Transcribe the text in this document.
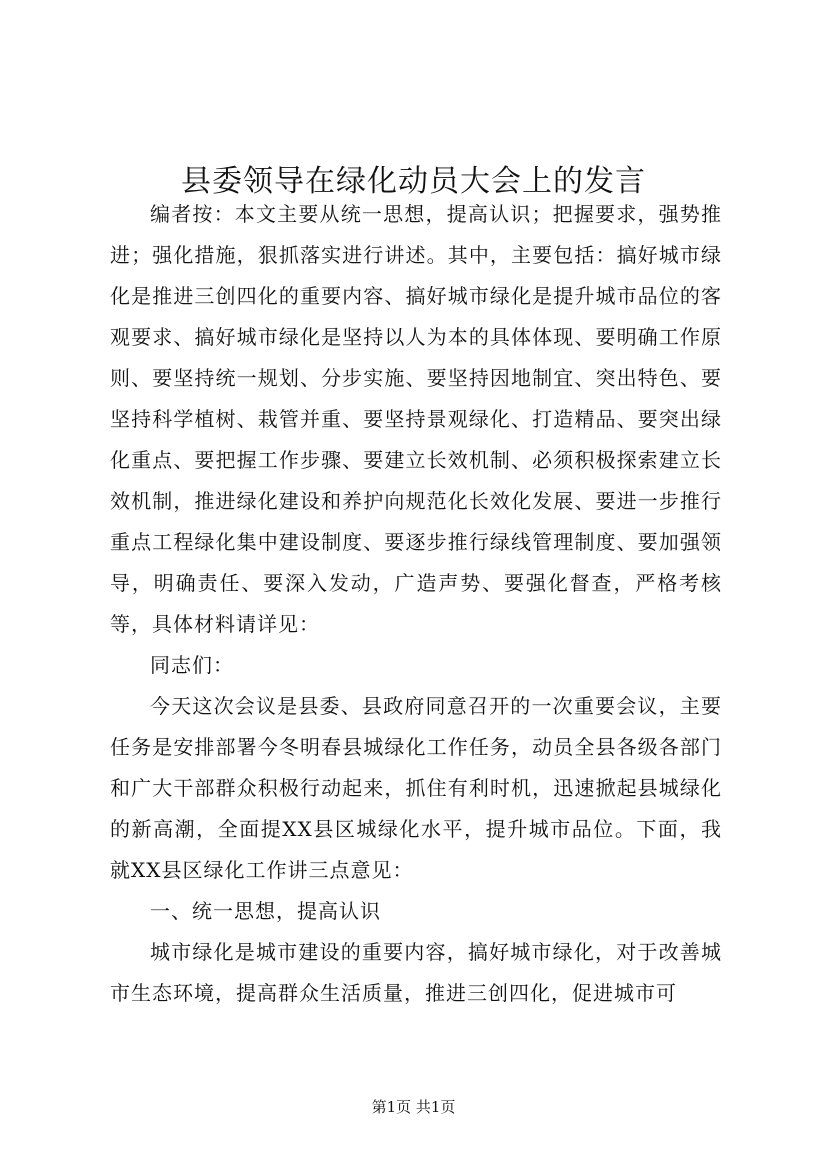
县委领导在绿化动员大会上的发言

编者按：本文主要从统一思想，提高认识；把握要求，强势推进；强化措施，狠抓落实进行讲述。其中，主要包括：搞好城市绿化是推进三创四化的重要内容、搞好城市绿化是提升城市品位的客观要求、搞好城市绿化是坚持以人为本的具体体现、要明确工作原则、要坚持统一规划、分步实施、要坚持因地制宜、突出特色、要坚持科学植树、栽管并重、要坚持景观绿化、打造精品、要突出绿化重点、要把握工作步骤、要建立长效机制、必须积极探索建立长效机制，推进绿化建设和养护向规范化长效化发展、要进一步推行重点工程绿化集中建设制度、要逐步推行绿线管理制度、要加强领导，明确责任、要深入发动，广造声势、要强化督查，严格考核等，具体材料请详见：

同志们：

今天这次会议是县委、县政府同意召开的一次重要会议，主要任务是安排部署今冬明春县城绿化工作任务，动员全县各级各部门和广大干部群众积极行动起来，抓住有利时机，迅速掀起县城绿化的新高潮，全面提XX县区城绿化水平，提升城市品位。下面，我就XX县区绿化工作讲三点意见：

一、统一思想，提高认识

城市绿化是城市建设的重要内容，搞好城市绿化，对于改善城市生态环境，提高群众生活质量，推进三创四化，促进城市可

第1页 共1页
